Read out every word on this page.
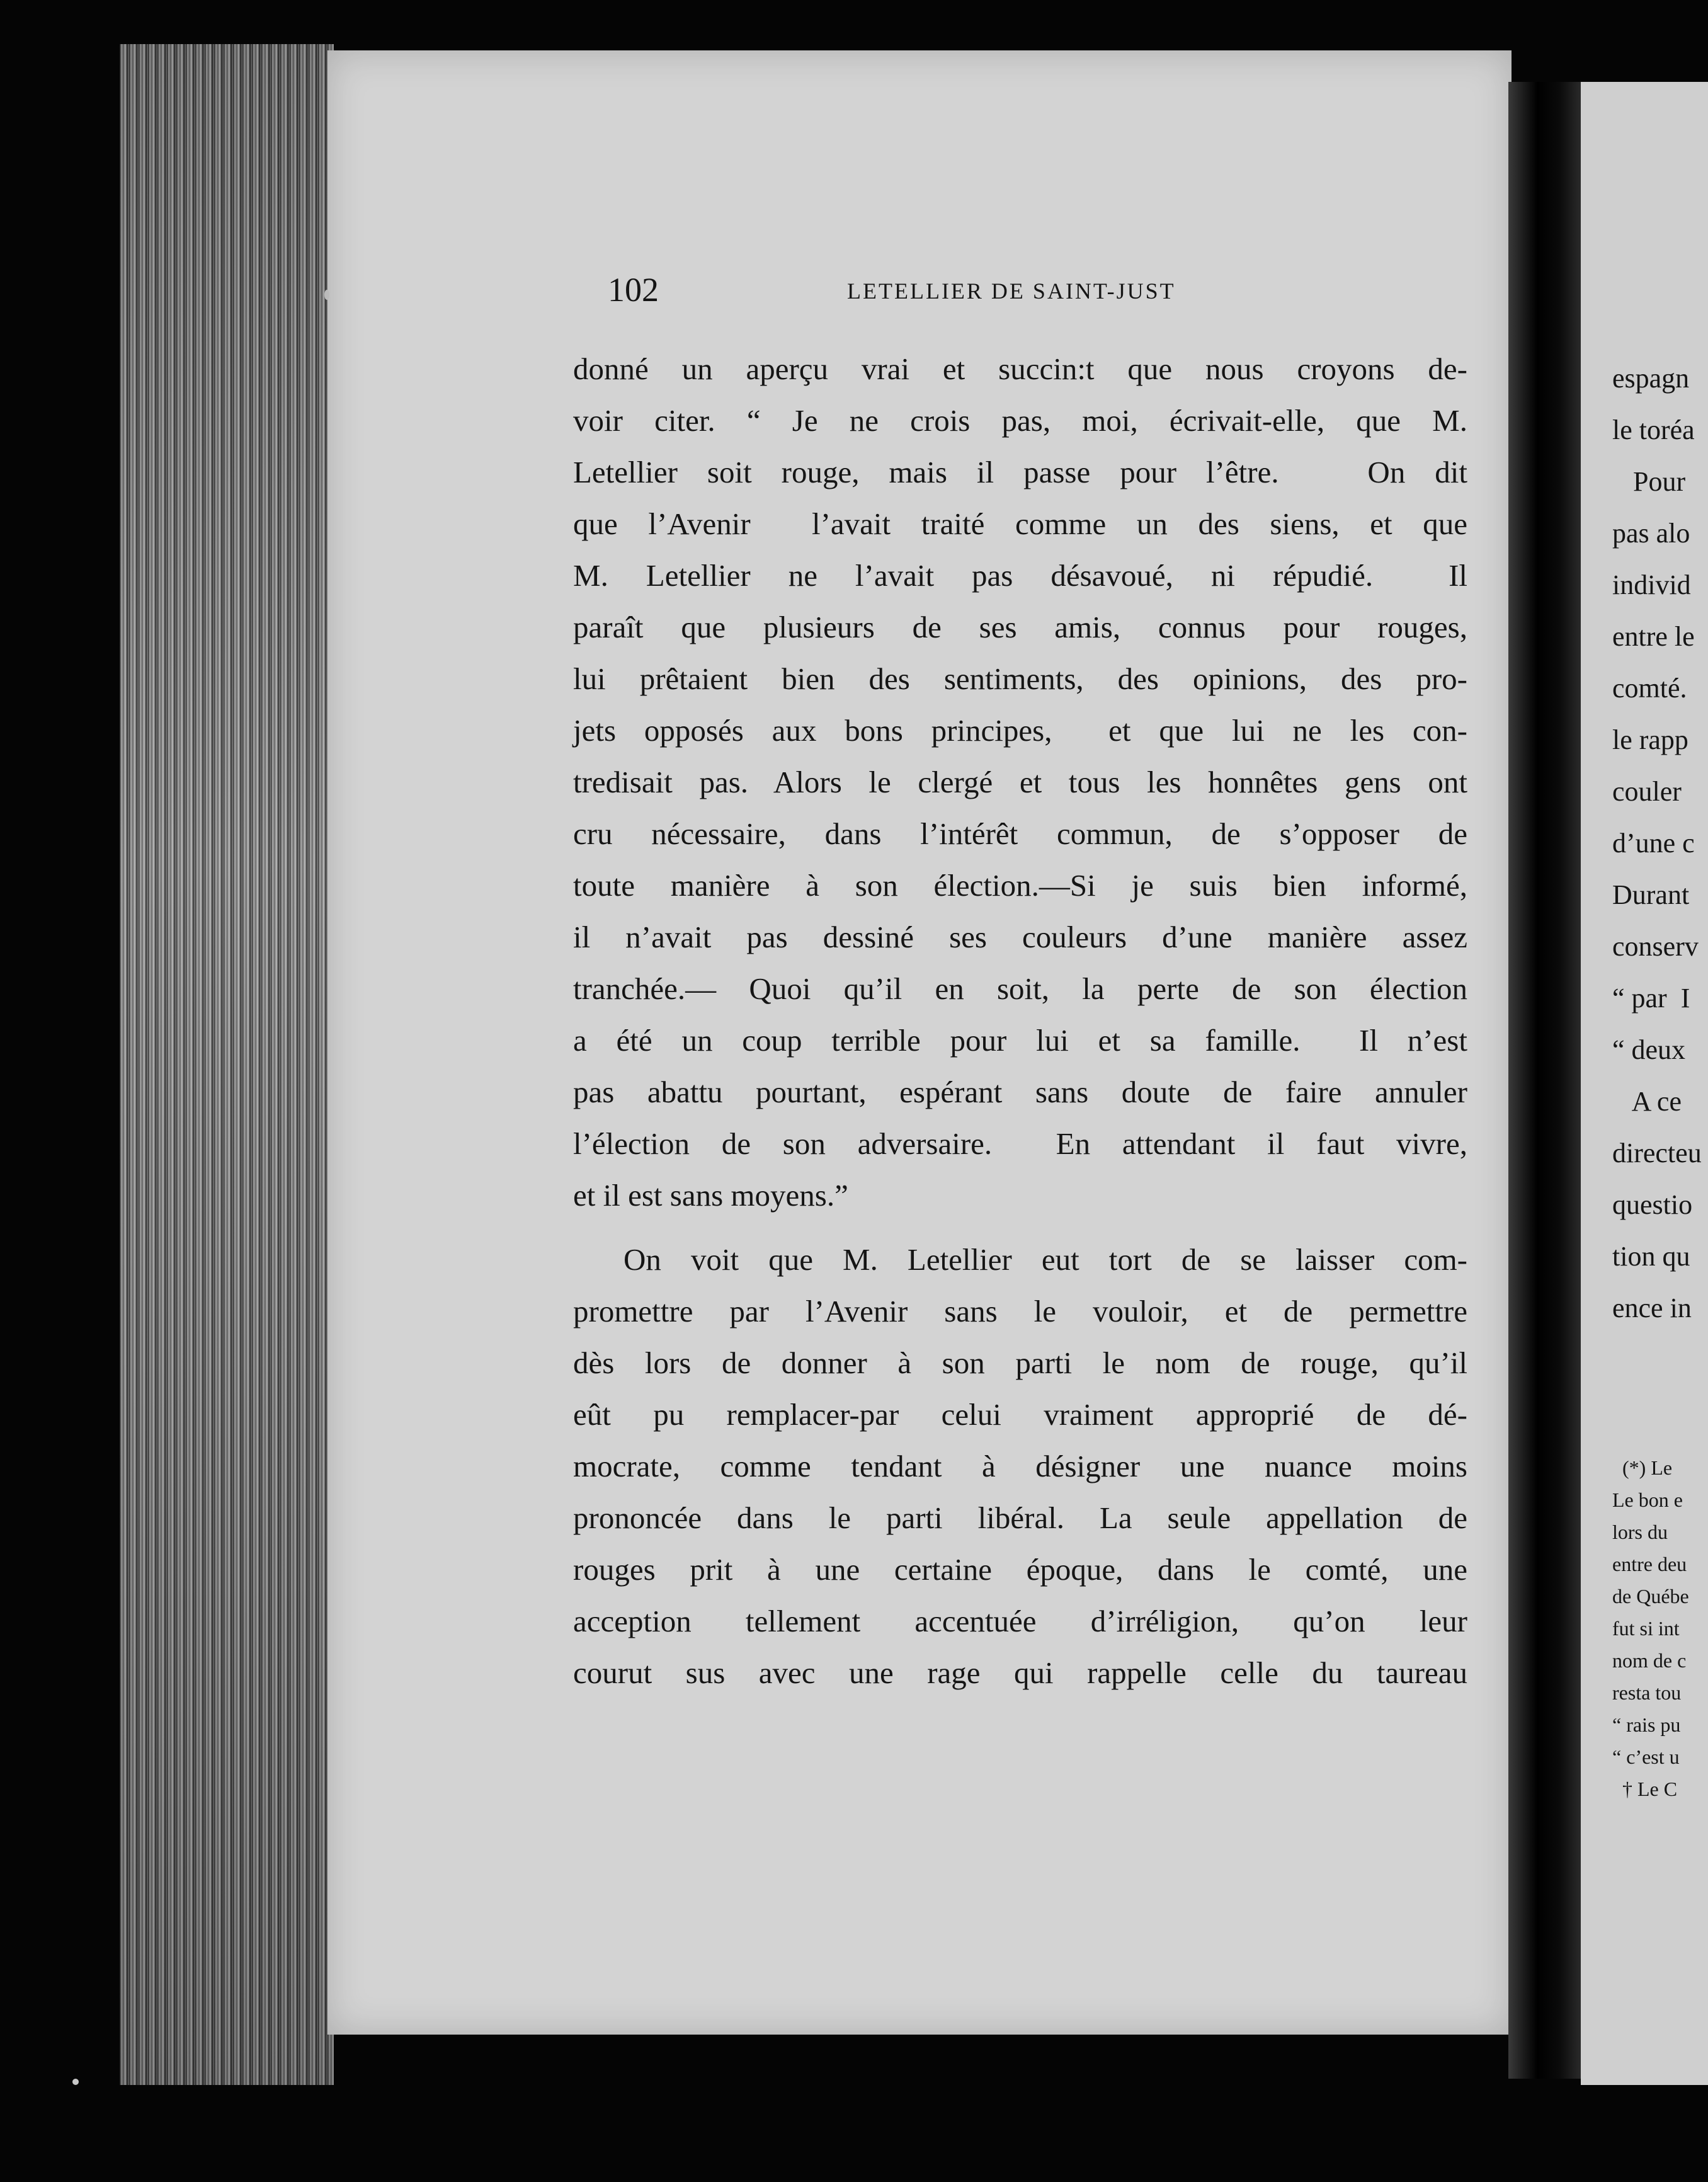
102	LETELLIER DE SAINT-JUST
donné un aperçu vrai et succin:t que nous croyons de-
voir citer. “ Je ne crois pas, moi, écrivait-elle, que M.
Letellier soit rouge, mais il passe pour l’être.   On dit
que l’Avenir  l’avait traité comme un des siens, et que
M. Letellier ne l’avait pas désavoué, ni répudié.  Il
paraît que plusieurs de ses amis, connus pour rouges,
lui prêtaient bien des sentiments, des opinions, des pro-
jets opposés aux bons principes,  et que lui ne les con-
tredisait pas. Alors le clergé et tous les honnêtes gens ont
cru nécessaire, dans l’intérêt commun, de s’opposer de
toute manière à son élection.—Si je suis bien informé,
il n’avait pas dessiné ses couleurs d’une manière assez
tranchée.— Quoi qu’il en soit, la perte de son élection
a été un coup terrible pour lui et sa famille.  Il n’est
pas abattu pourtant, espérant sans doute de faire annuler
l’élection de son adversaire.  En attendant il faut vivre,
et il est sans moyens.”
On voit que M. Letellier eut tort de se laisser com-
promettre par l’Avenir sans le vouloir, et de permettre
dès lors de donner à son parti le nom de rouge, qu’il
eût pu remplacer-par celui vraiment approprié de dé-
mocrate, comme tendant à désigner une nuance moins
prononcée dans le parti libéral. La seule appellation de
rouges prit à une certaine époque, dans le comté, une
acception tellement accentuée d’irréligion, qu’on leur
courut sus avec une rage qui rappelle celle du taureau
espagn
le toréa
Pour
pas alo
individ
entre le
comté.
le rapp
couler
d’une c
Durant
conserv
“ par  I
“ deux
A ce
directeu
questio
tion qu
ence in
(*) Le
Le bon e
lors du
entre deu
de Québe
fut si int
nom de c
resta tou
“ rais pu
“ c’est u
† Le C
